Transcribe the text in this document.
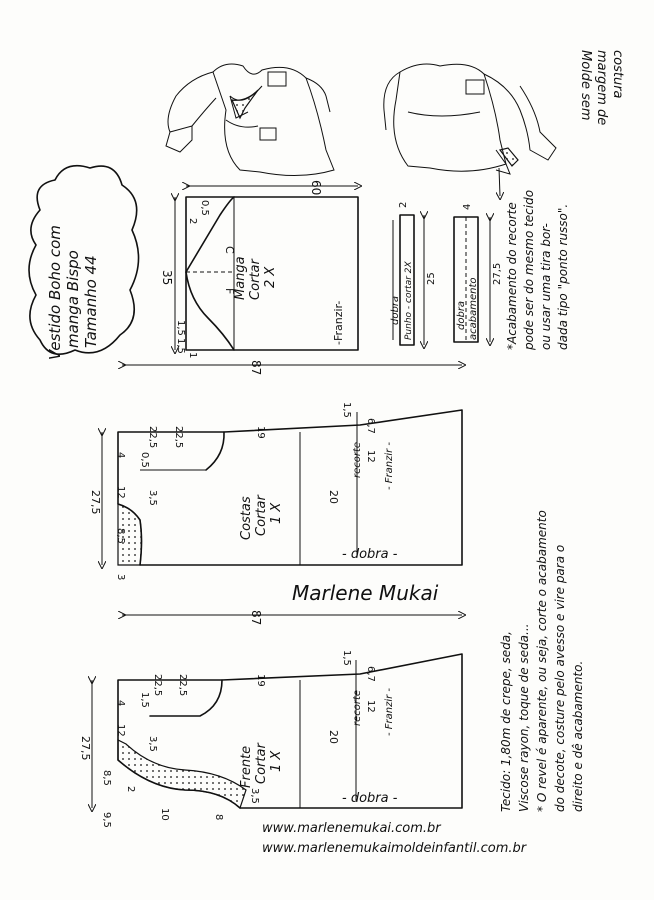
Molde sem margem de costura
Vestido Boho com manga Bispo Tamanho 44
60
35
0,5
2
1,5
1,5
1
C
F
Manga Cortar 2 X
-Franzir-	dobra Punho - cortar 2X 25
2
dobra acabamento
27,5
4	*Acabamento do recorte pode ser do mesmo tecido ou usar uma tira bor- dada tipo "ponto russo".
87
27,5
22,5 22,5	19
4 0,5
12
8,5
3,5
3
20
12
6,7
1,5
recorte - Franzir -
Costas Cortar 1 X
- dobra -
Marlene Mukai
87
27,5
22,5 22,5	19
4 1,5
12
8,5
3,5
2
9,5	10	8
3,5
20
12
6,7
1,5
recorte - Franzir -
Frente Cortar 1 X
- dobra -	Tecido: 1,80m de crepe, seda, Viscose rayon, toque de seda... * O revel é aparente, ou seja, corte o acabamento do decote, costure pelo avesso e vire para o direito e dê acabamento.
www.marlenemukai.com.br
www.marlenemukaimoldeinfantil.com.br
